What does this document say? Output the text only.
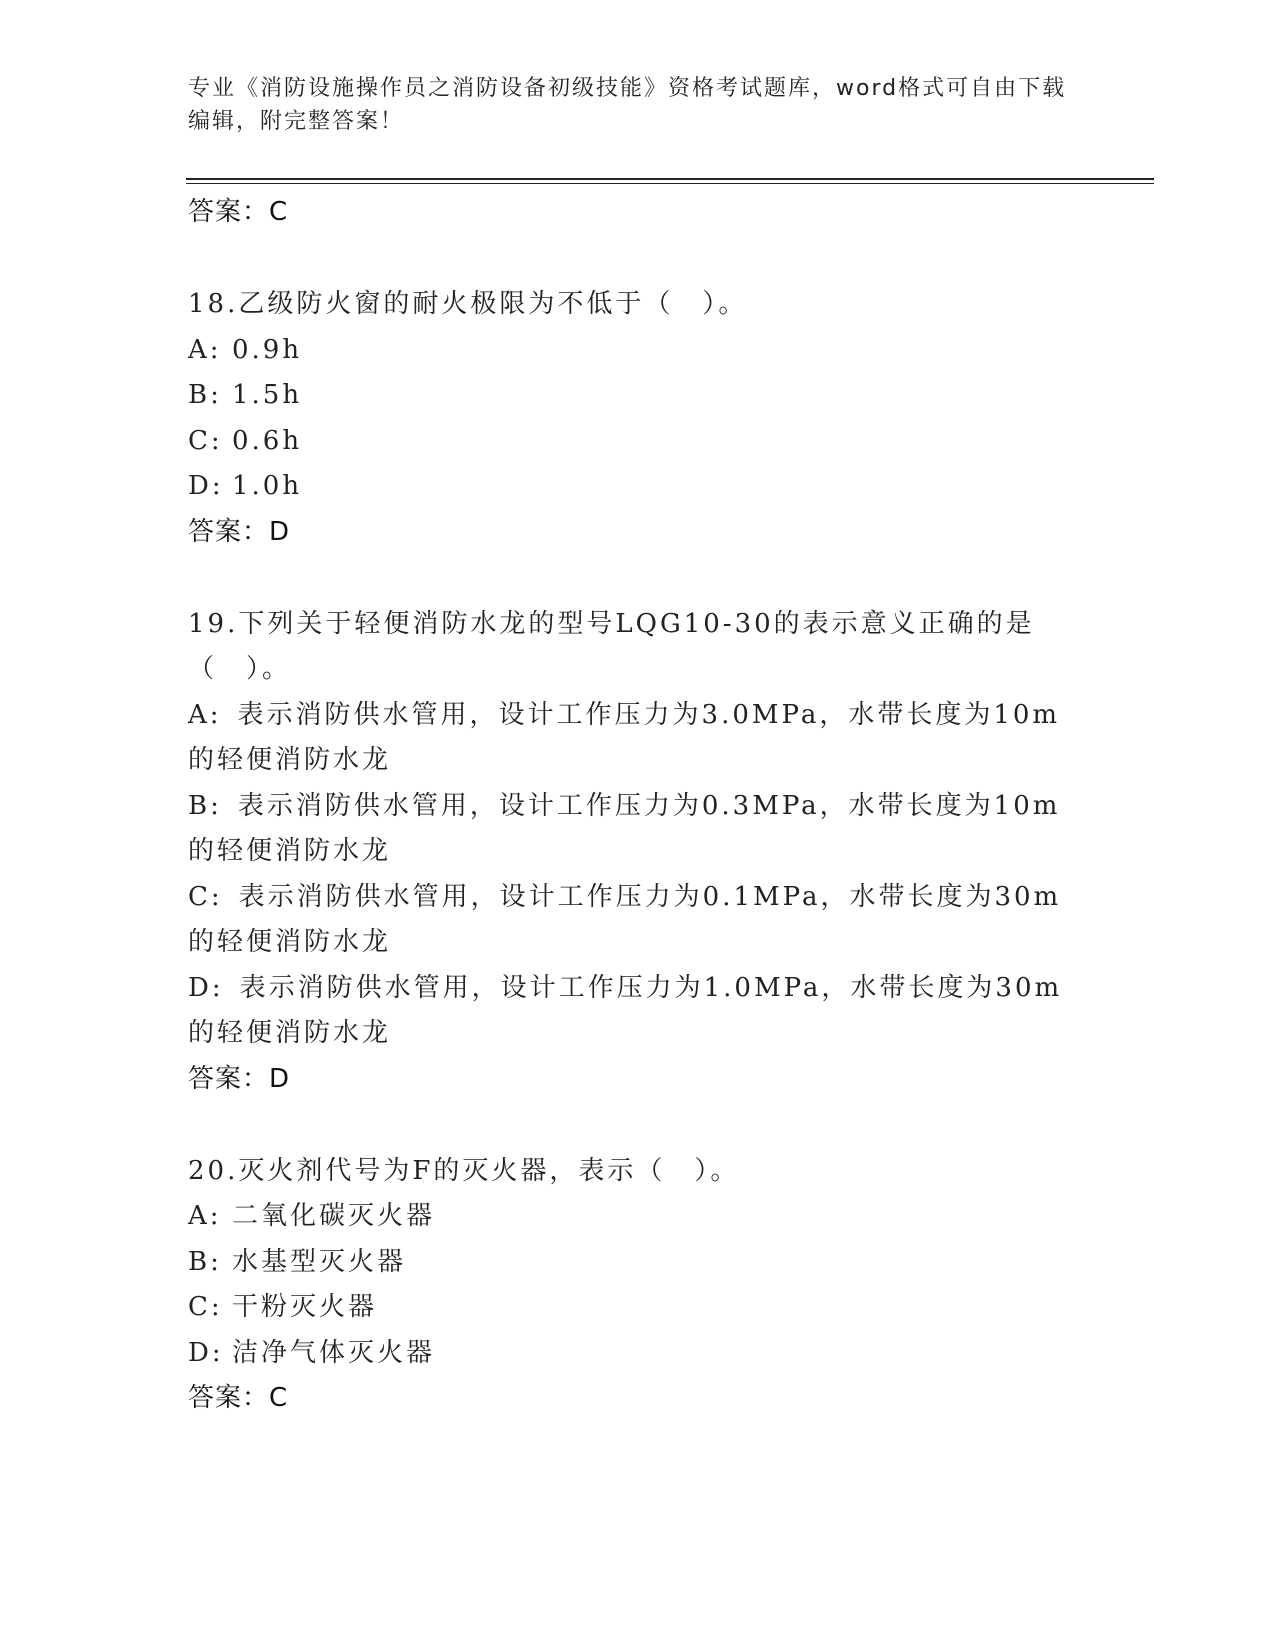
专业《消防设施操作员之消防设备初级技能》资格考试题库，word格式可自由下载编辑，附完整答案！
答案：C
18.乙级防火窗的耐火极限为不低于（　）。
A: 0.9h
B: 1.5h
C: 0.6h
D: 1.0h
答案：D
19.下列关于轻便消防水龙的型号LQG10-30的表示意义正确的是（　）。
A:  表示消防供水管用，设计工作压力为3.0MPa，水带长度为10m的轻便消防水龙
B:  表示消防供水管用，设计工作压力为0.3MPa，水带长度为10m的轻便消防水龙
C:  表示消防供水管用，设计工作压力为0.1MPa，水带长度为30m的轻便消防水龙
D:  表示消防供水管用，设计工作压力为1.0MPa，水带长度为30m的轻便消防水龙
答案：D
20.灭火剂代号为F的灭火器，表示（　）。
A: 二氧化碳灭火器
B: 水基型灭火器
C: 干粉灭火器
D: 洁净气体灭火器
答案：C
